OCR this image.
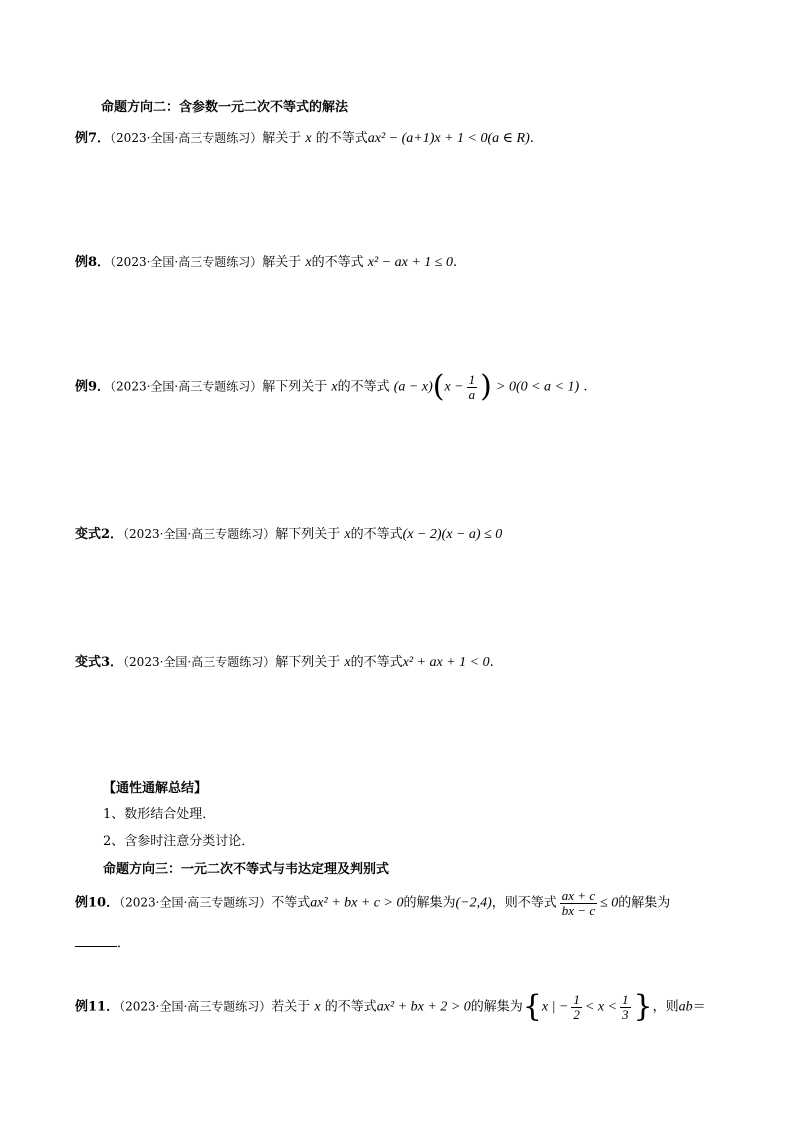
命题方向二：含参数一元二次不等式的解法
例7．（2023·全国·高三专题练习）解关于 x 的不等式ax² − (a+1)x + 1 < 0(a ∈ R).
例8．（2023·全国·高三专题练习）解关于 x的不等式 x² − ax + 1 ≤ 0.
例9．（2023·全国·高三专题练习）解下列关于 x的不等式 $(a - x)(x - \frac{1}{a}$ ) > 0(0 < a < 1) .
变式2．（2023·全国·高三专题练习）解下列关于 x的不等式(x − 2)(x − a) ≤ 0
变式3．（2023·全国·高三专题练习）解下列关于 x的不等式x² + ax + 1 < 0.
【通性通解总结】
1、数形结合处理．
2、含参时注意分类讨论．
命题方向三：一元二次不等式与韦达定理及判别式
例10．（2023·全国·高三专题练习）不等式ax² + bx + c > 0的解集为(−2,4)，则不等式 $\frac{ax + c}{bx - c} \le 0$的解集为
．
例11．（2023·全国·高三专题练习）若关于 x 的不等式ax² + bx + 2 > 0的解集为{x | − $\frac{1}{2} < x < \frac{1}{3}$ }，则ab＝
